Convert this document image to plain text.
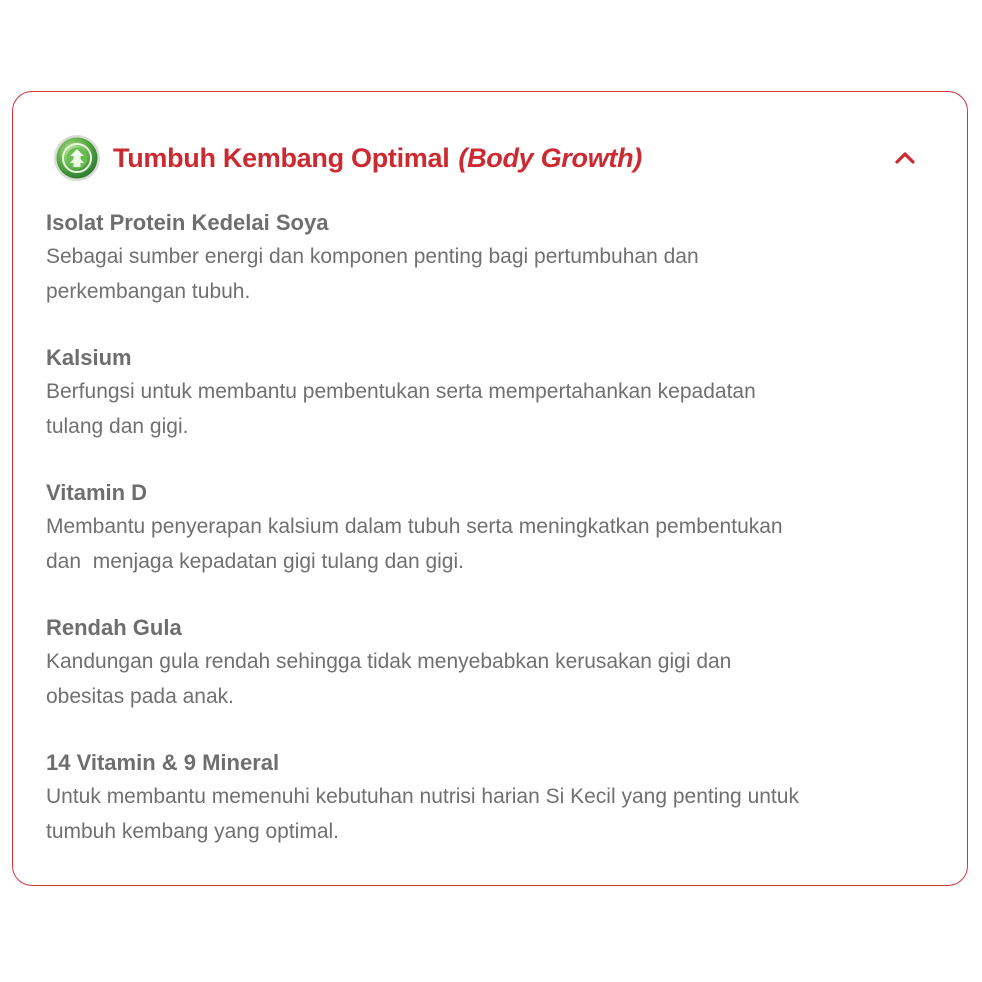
Tumbuh Kembang Optimal (Body Growth)
Isolat Protein Kedelai Soya
Sebagai sumber energi dan komponen penting bagi pertumbuhan dan
perkembangan tubuh.
Kalsium
Berfungsi untuk membantu pembentukan serta mempertahankan kepadatan
tulang dan gigi.
Vitamin D
Membantu penyerapan kalsium dalam tubuh serta meningkatkan pembentukan
dan  menjaga kepadatan gigi tulang dan gigi.
Rendah Gula
Kandungan gula rendah sehingga tidak menyebabkan kerusakan gigi dan
obesitas pada anak.
14 Vitamin & 9 Mineral
Untuk membantu memenuhi kebutuhan nutrisi harian Si Kecil yang penting untuk
tumbuh kembang yang optimal.
